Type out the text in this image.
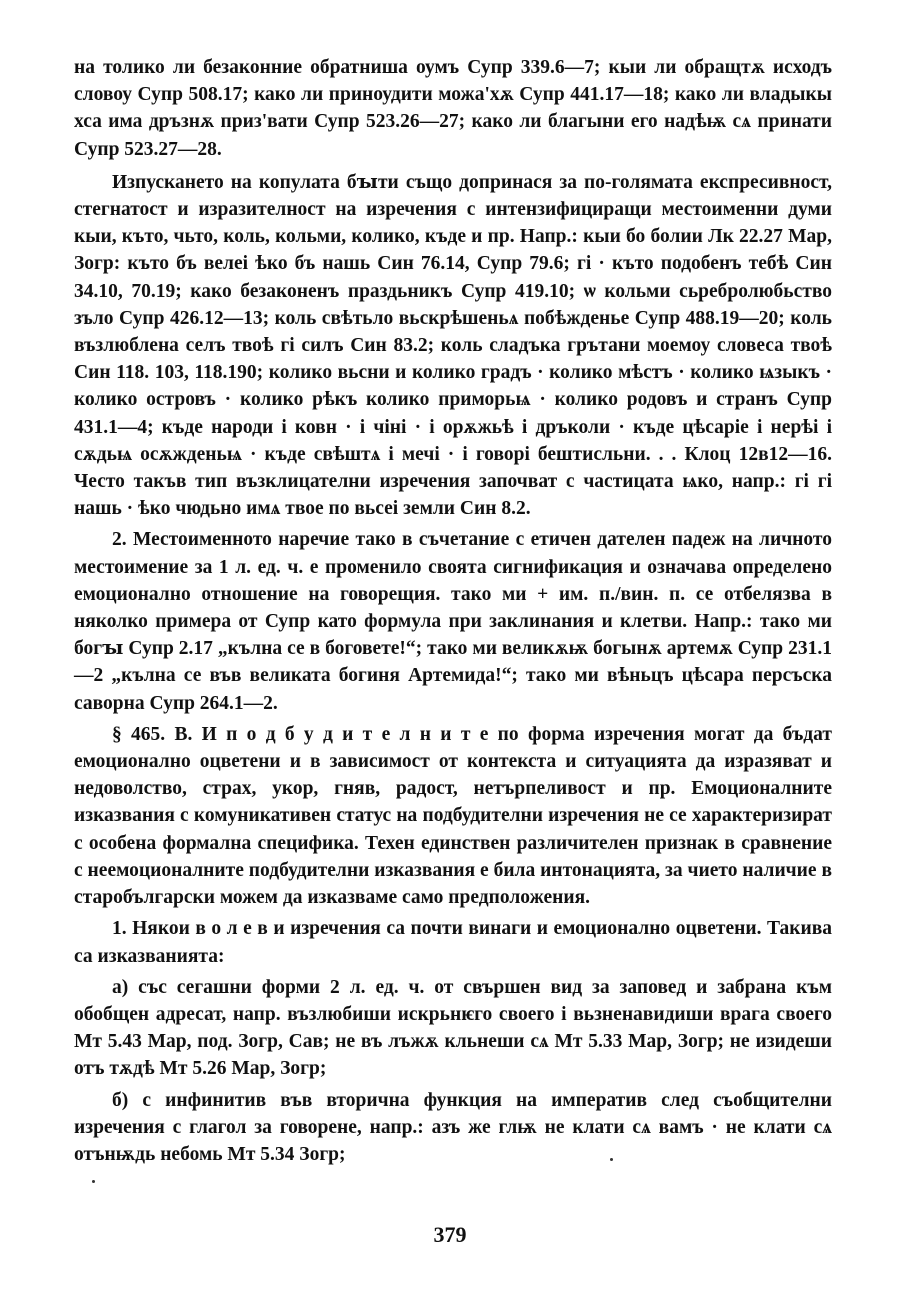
на толико ли безаконние обратниша оумъ Супр 339.6—7; кыи ли обращтѫ исходъ словоу Супр 508.17; како ли приноудити можа'хѫ Супр 441.17—18; како ли владыкы хса има дръзнѫ приз'вати Супр 523.26—27; како ли благыни его надѣѭ сѧ принати Супр 523.27—28.

Изпускането на копулата бꙑти също допринася за по-голямата експресивност, стегнатост и изразителност на изречения с интензифициращи местоименни думи кыи, къто, чьто, коль, кольми, колико, къде и пр. Напр.: кыи бо болии Лк 22.27 Мар, Зогр: къто бъ велеі ѣко бъ нашь Син 76.14, Супр 79.6; гі · къто подобенъ тебѣ Син 34.10, 70.19; како безаконенъ праздьникъ Супр 419.10; ѡ кольми сьребролюбьство зъло Супр 426.12—13; коль свѣтьло вьскрѣшеньѧ побѣжденье Супр 488.19—20; коль възлюблена селъ твоѣ гі силъ Син 83.2; коль сладъка грътани моемоу словеса твоѣ Син 118. 103, 118.190; колико вьсни и колико градъ · колико мѣстъ · колико ѩзыкъ · колико островъ · колико рѣкъ колико приморьѩ · колико родовъ и странъ Супр 431.1—4; къде народи і ковн · і чіні · і орѫжьѣ і дръколи · къде цѣсаріе і нерѣі і сѫдьѩ осѫжденьѩ · къде свѣштѧ і мечі · і говорі бештисльни. . . Клоц 12в12—16. Често такъв тип възклицателни изречения започват с частицата ѩко, напр.: гі гі нашь · ѣко чюдьно имѧ твое по вьсеі земли Син 8.2.

2. Местоименното наречие тако в съчетание с етичен дателен падеж на личното местоимение за 1 л. ед. ч. е променило своята сигнификация и означава определено емоционално отношение на говорещия. тако ми + им. п./вин. п. се отбелязва в няколко примера от Супр като формула при заклинания и клетви. Напр.: тако ми богꙑ Супр 2.17 „кълна се в боговете!“; тако ми великѫѭ богынѫ артемѫ Супр 231.1—2 „кълна се във великата богиня Артемида!“; тако ми вѣньцъ цѣсара персъска саворна Супр 264.1—2.

§ 465. В. И п о д б у д и т е л н и т е по форма изречения могат да бъдат емоционално оцветени и в зависимост от контекста и ситуацията да изразяват и недоволство, страх, укор, гняв, радост, нетърпеливост и пр. Емоционалните изказвания с комуникативен статус на подбудителни изречения не се характеризират с особена формална специфика. Техен единствен различителен признак в сравнение с неемоционалните подбудителни изказвания е била интонацията, за чието наличие в старобългарски можем да изказваме само предположения.

1. Някои в о л е в и изречения са почти винаги и емоционално оцветени. Такива са изказванията:

а) със сегашни форми 2 л. ед. ч. от свършен вид за заповед и забрана към обобщен адресат, напр. възлюбиши искрьнѥго своего і вьзненавидиши врага своего Мт 5.43 Мар, под. Зогр, Сав; не въ лъжѫ кльнеши сѧ Мт 5.33 Мар, Зогр; не изидеши отъ тѫдѣ Мт 5.26 Мар, Зогр;

б) с инфинитив във вторична функция на императив след съобщителни изречения с глагол за говорене, напр.: азъ же глѭ не клати сѧ вамъ · не клати сѧ отънѭдь небомь Мт 5.34 Зогр;

379
